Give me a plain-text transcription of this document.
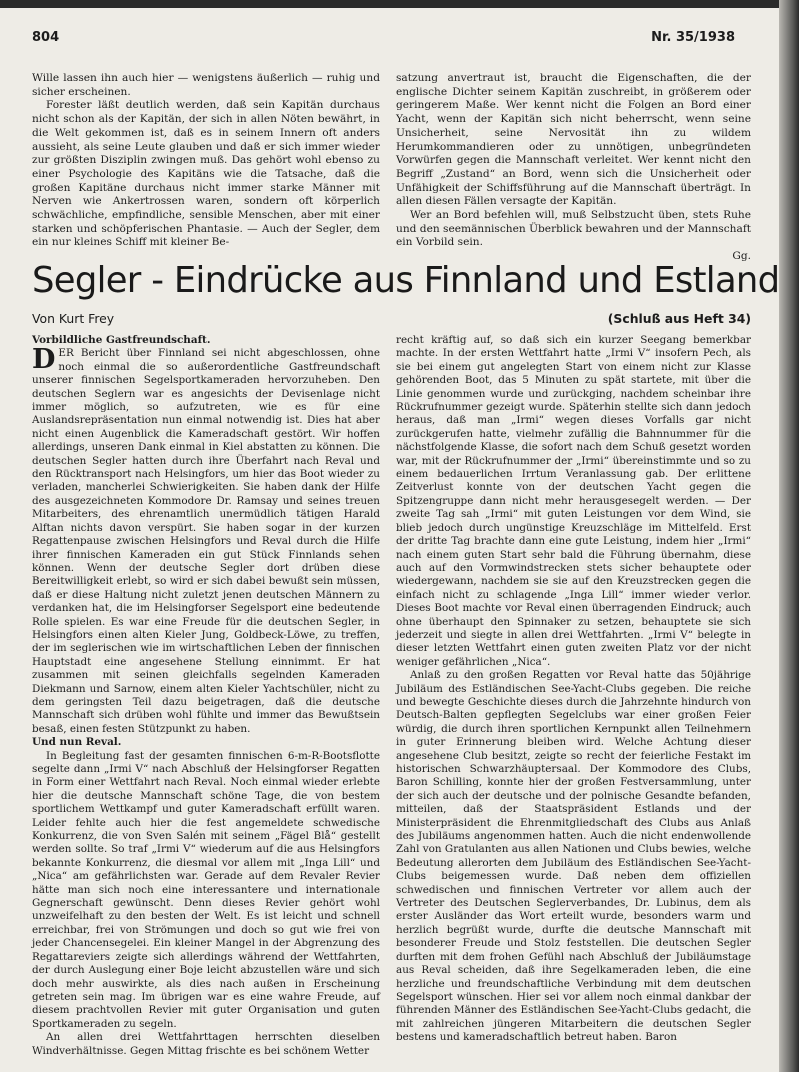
804	Nr. 35/1938

Wille lassen ihn auch hier — wenigstens äußerlich — ruhig und sicher erscheinen.

Forester läßt deutlich werden, daß sein Kapitän durchaus nicht schon als der Kapitän, der sich in allen Nöten bewährt, in die Welt gekommen ist, daß es in seinem Innern oft anders aussieht, als seine Leute glauben und daß er sich immer wieder zur größten Disziplin zwingen muß. Das gehört wohl ebenso zu einer Psychologie des Kapitäns wie die Tatsache, daß die großen Kapitäne durchaus nicht immer starke Männer mit Nerven wie Ankertrossen waren, sondern oft körperlich schwächliche, empfindliche, sensible Menschen, aber mit einer starken und schöpferischen Phantasie. — Auch der Segler, dem ein nur kleines Schiff mit kleiner Be-

satzung anvertraut ist, braucht die Eigenschaften, die der englische Dichter seinem Kapitän zuschreibt, in größerem oder geringerem Maße. Wer kennt nicht die Folgen an Bord einer Yacht, wenn der Kapitän sich nicht beherrscht, wenn seine Unsicherheit, seine Nervosität ihn zu wildem Herumkommandieren oder zu unnötigen, unbegründeten Vorwürfen gegen die Mannschaft verleitet. Wer kennt nicht den Begriff „Zustand“ an Bord, wenn sich die Unsicherheit oder Unfähigkeit der Schiffsführung auf die Mannschaft überträgt. In allen diesen Fällen versagte der Kapitän.

Wer an Bord befehlen will, muß Selbstzucht üben, stets Ruhe und den seemännischen Überblick bewahren und der Mannschaft ein Vorbild sein.

Gg.

Segler - Eindrücke aus Finnland und Estland
Von Kurt Frey	(Schluß aus Heft 34)

Vorbildliche Gastfreundschaft.

DER Bericht über Finnland sei nicht abgeschlossen, ohne noch einmal die so außerordentliche Gastfreundschaft unserer finnischen Segelsportkameraden hervorzuheben. Den deutschen Seglern war es angesichts der Devisenlage nicht immer möglich, so aufzutreten, wie es für eine Auslandsrepräsentation nun einmal notwendig ist. Dies hat aber nicht einen Augenblick die Kameradschaft gestört. Wir hoffen allerdings, unseren Dank einmal in Kiel abstatten zu können. Die deutschen Segler hatten durch ihre Überfahrt nach Reval und den Rücktransport nach Helsingfors, um hier das Boot wieder zu verladen, mancherlei Schwierigkeiten. Sie haben dank der Hilfe des ausgezeichneten Kommodore Dr. Ramsay und seines treuen Mitarbeiters, des ehrenamtlich unermüdlich tätigen Harald Alftan nichts davon verspürt. Sie haben sogar in der kurzen Regattenpause zwischen Helsingfors und Reval durch die Hilfe ihrer finnischen Kameraden ein gut Stück Finnlands sehen können. Wenn der deutsche Segler dort drüben diese Bereitwilligkeit erlebt, so wird er sich dabei bewußt sein müssen, daß er diese Haltung nicht zuletzt jenen deutschen Männern zu verdanken hat, die im Helsingforser Segelsport eine bedeutende Rolle spielen. Es war eine Freude für die deutschen Segler, in Helsingfors einen alten Kieler Jung, Goldbeck-Löwe, zu treffen, der im seglerischen wie im wirtschaftlichen Leben der finnischen Hauptstadt eine angesehene Stellung einnimmt. Er hat zusammen mit seinen gleichfalls segelnden Kameraden Diekmann und Sarnow, einem alten Kieler Yachtschüler, nicht zu dem geringsten Teil dazu beigetragen, daß die deutsche Mannschaft sich drüben wohl fühlte und immer das Bewußtsein besaß, einen festen Stützpunkt zu haben.

Und nun Reval.

In Begleitung fast der gesamten finnischen 6-m-R-Bootsflotte segelte dann „Irmi V“ nach Abschluß der Helsingforser Regatten in Form einer Wettfahrt nach Reval. Noch einmal wieder erlebte hier die deutsche Mannschaft schöne Tage, die von bestem sportlichem Wettkampf und guter Kameradschaft erfüllt waren. Leider fehlte auch hier die fest angemeldete schwedische Konkurrenz, die von Sven Salén mit seinem „Fägel Blå“ gestellt werden sollte. So traf „Irmi V“ wiederum auf die aus Helsingfors bekannte Konkurrenz, die diesmal vor allem mit „Inga Lill“ und „Nica“ am gefährlichsten war. Gerade auf dem Revaler Revier hätte man sich noch eine interessantere und internationale Gegnerschaft gewünscht. Denn dieses Revier gehört wohl unzweifelhaft zu den besten der Welt. Es ist leicht und schnell erreichbar, frei von Strömungen und doch so gut wie frei von jeder Chancensegelei. Ein kleiner Mangel in der Abgrenzung des Regattareviers zeigte sich allerdings während der Wettfahrten, der durch Auslegung einer Boje leicht abzustellen wäre und sich doch mehr auswirkte, als dies nach außen in Erscheinung getreten sein mag. Im übrigen war es eine wahre Freude, auf diesem prachtvollen Revier mit guter Organisation und guten Sportkameraden zu segeln.

An allen drei Wettfahrttagen herrschten dieselben Windverhältnisse. Gegen Mittag frischte es bei schönem Wetter

recht kräftig auf, so daß sich ein kurzer Seegang bemerkbar machte. In der ersten Wettfahrt hatte „Irmi V“ insofern Pech, als sie bei einem gut angelegten Start von einem nicht zur Klasse gehörenden Boot, das 5 Minuten zu spät startete, mit über die Linie genommen wurde und zurückging, nachdem scheinbar ihre Rückrufnummer gezeigt wurde. Späterhin stellte sich dann jedoch heraus, daß man „Irmi“ wegen dieses Vorfalls gar nicht zurückgerufen hatte, vielmehr zufällig die Bahnnummer für die nächstfolgende Klasse, die sofort nach dem Schuß gesetzt worden war, mit der Rückrufnummer der „Irmi“ übereinstimmte und so zu einem bedauerlichen Irrtum Veranlassung gab. Der erlittene Zeitverlust konnte von der deutschen Yacht gegen die Spitzengruppe dann nicht mehr herausgesegelt werden. — Der zweite Tag sah „Irmi“ mit guten Leistungen vor dem Wind, sie blieb jedoch durch ungünstige Kreuzschläge im Mittelfeld. Erst der dritte Tag brachte dann eine gute Leistung, indem hier „Irmi“ nach einem guten Start sehr bald die Führung übernahm, diese auch auf den Vormwindstrecken stets sicher behauptete oder wiedergewann, nachdem sie sie auf den Kreuzstrecken gegen die einfach nicht zu schlagende „Inga Lill“ immer wieder verlor. Dieses Boot machte vor Reval einen überragenden Eindruck; auch ohne überhaupt den Spinnaker zu setzen, behauptete sie sich jederzeit und siegte in allen drei Wettfahrten. „Irmi V“ belegte in dieser letzten Wettfahrt einen guten zweiten Platz vor der nicht weniger gefährlichen „Nica“.

Anlaß zu den großen Regatten vor Reval hatte das 50jährige Jubiläum des Estländischen See-Yacht-Clubs gegeben. Die reiche und bewegte Geschichte dieses durch die Jahrzehnte hindurch von Deutsch-Balten gepflegten Segelclubs war einer großen Feier würdig, die durch ihren sportlichen Kernpunkt allen Teilnehmern in guter Erinnerung bleiben wird. Welche Achtung dieser angesehene Club besitzt, zeigte so recht der feierliche Festakt im historischen Schwarzhäuptersaal. Der Kommodore des Clubs, Baron Schilling, konnte hier der großen Festversammlung, unter der sich auch der deutsche und der polnische Gesandte befanden, mitteilen, daß der Staatspräsident Estlands und der Ministerpräsident die Ehrenmitgliedschaft des Clubs aus Anlaß des Jubiläums angenommen hatten. Auch die nicht endenwollende Zahl von Gratulanten aus allen Nationen und Clubs bewies, welche Bedeutung allerorten dem Jubiläum des Estländischen See-Yacht-Clubs beigemessen wurde. Daß neben dem offiziellen schwedischen und finnischen Vertreter vor allem auch der Vertreter des Deutschen Seglerverbandes, Dr. Lubinus, dem als erster Ausländer das Wort erteilt wurde, besonders warm und herzlich begrüßt wurde, durfte die deutsche Mannschaft mit besonderer Freude und Stolz feststellen. Die deutschen Segler durften mit dem frohen Gefühl nach Abschluß der Jubiläumstage aus Reval scheiden, daß ihre Segelkameraden leben, die eine herzliche und freundschaftliche Verbindung mit dem deutschen Segelsport wünschen. Hier sei vor allem noch einmal dankbar der führenden Männer des Estländischen See-Yacht-Clubs gedacht, die mit zahlreichen jüngeren Mitarbeitern die deutschen Segler bestens und kameradschaftlich betreut haben. Baron
